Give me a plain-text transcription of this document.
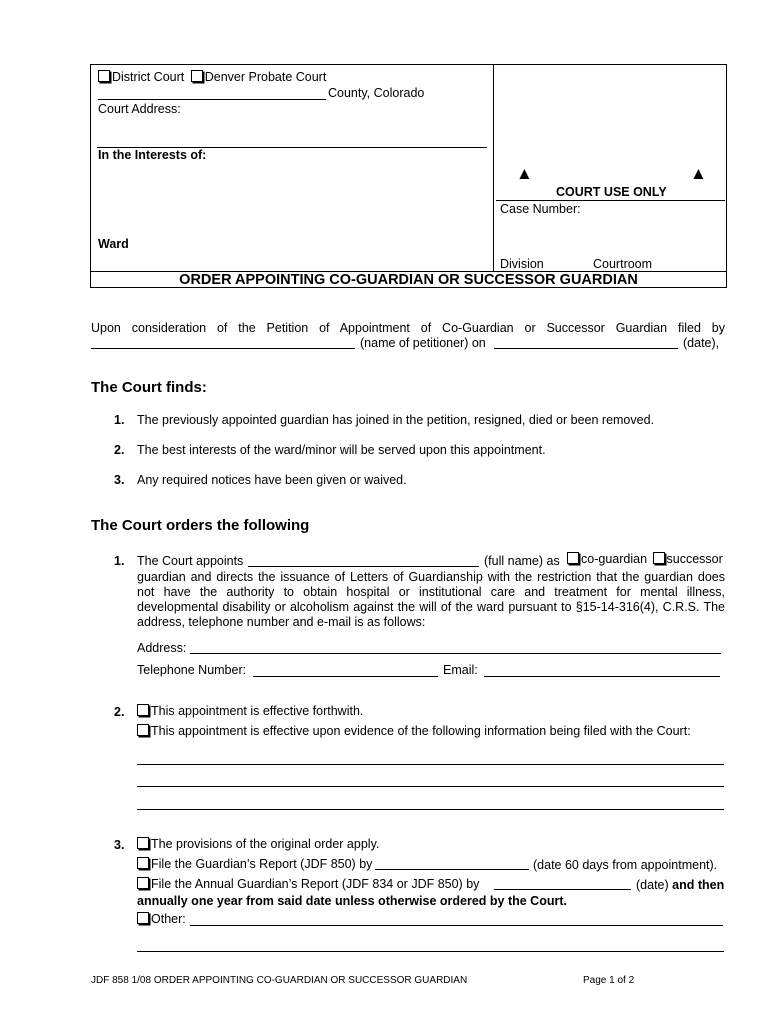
District Court Denver Probate Court
County, Colorado
Court Address:
In the Interests of:
Ward
▲	▲
COURT USE ONLY
Case Number:
Division	Courtroom
ORDER APPOINTING CO-GUARDIAN OR SUCCESSOR GUARDIAN
Upon consideration of the Petition of Appointment of Co-Guardian or Successor Guardian filed by
(name of petitioner) on	(date),
The Court finds:
1. The previously appointed guardian has joined in the petition, resigned, died or been removed.
2. The best interests of the ward/minor will be served upon this appointment.
3. Any required notices have been given or waived.
The Court orders the following
1. The Court appoints	(full name) as	co-guardian successor
guardian and directs the issuance of Letters of Guardianship with the restriction that the guardian does
not have the authority to obtain hospital or institutional care and treatment for mental illness,
developmental disability or alcoholism against the will of the ward pursuant to §15-14-316(4), C.R.S. The
address, telephone number and e-mail is as follows:
Address:
Telephone Number:	Email:
2.	This appointment is effective forthwith.
This appointment is effective upon evidence of the following information being filed with the Court:
3.	The provisions of the original order apply.
File the Guardian’s Report (JDF 850) by	(date 60 days from appointment).
File the Annual Guardian’s Report (JDF 834 or JDF 850) by	(date) and then
annually one year from said date unless otherwise ordered by the Court.
Other:
JDF 858 1/08 ORDER APPOINTING CO-GUARDIAN OR SUCCESSOR GUARDIAN	Page 1 of 2
